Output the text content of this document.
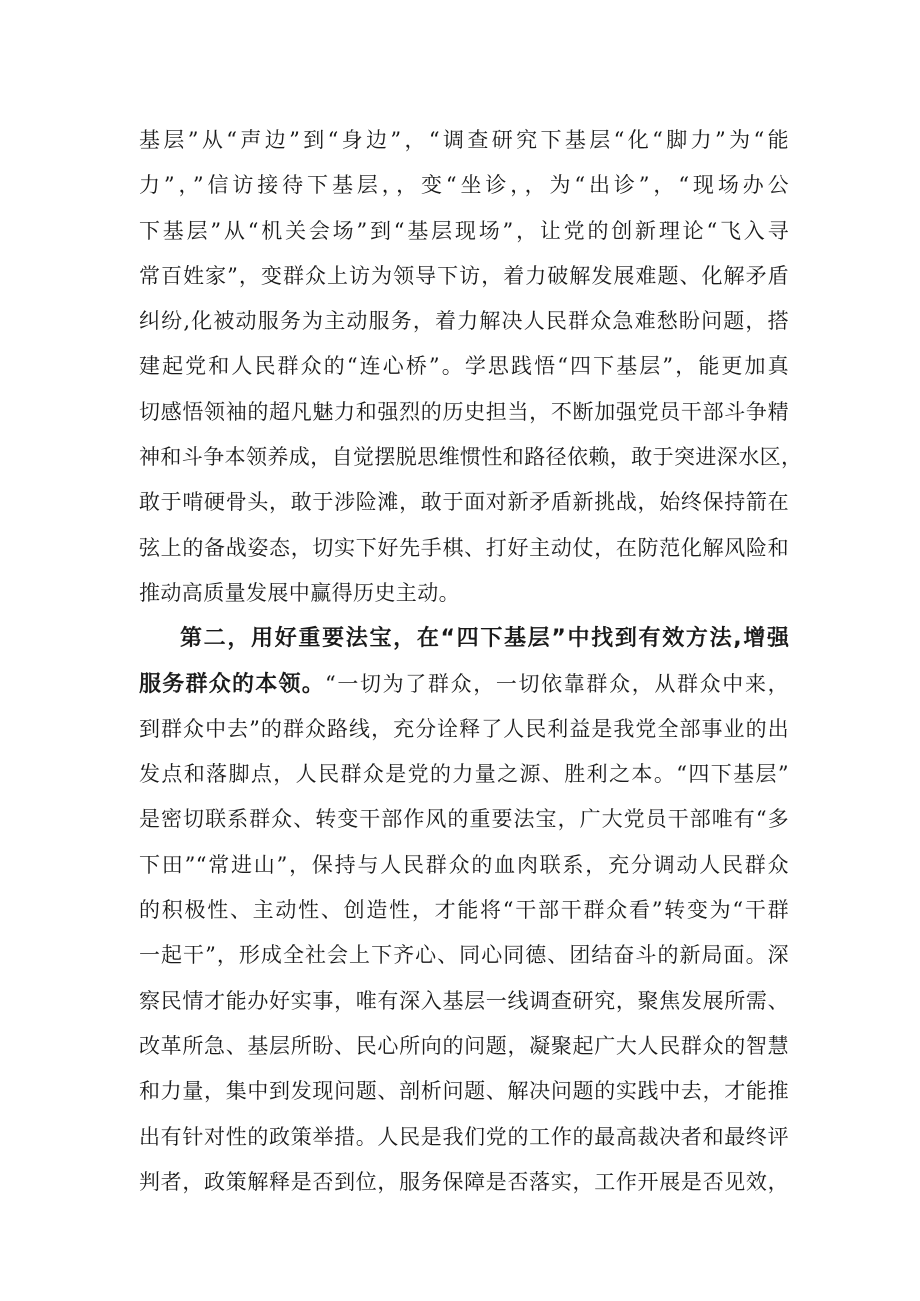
基层”从“声边”到“身边”，“调查研究下基层“化“脚力”为“能
力”，”信访接待下基层，，变“坐诊，，为“出诊”，“现场办公
下基层”从“机关会场”到“基层现场”，让党的创新理论“飞入寻
常百姓家”，变群众上访为领导下访，着力破解发展难题、化解矛盾
纠纷,化被动服务为主动服务，着力解决人民群众急难愁盼问题，搭
建起党和人民群众的“连心桥”。学思践悟“四下基层”，能更加真
切感悟领袖的超凡魅力和强烈的历史担当，不断加强党员干部斗争精
神和斗争本领养成，自觉摆脱思维惯性和路径依赖，敢于突进深水区，
敢于啃硬骨头，敢于涉险滩，敢于面对新矛盾新挑战，始终保持箭在
弦上的备战姿态，切实下好先手棋、打好主动仗，在防范化解风险和
推动高质量发展中赢得历史主动。
第二，用好重要法宝，在“四下基层”中找到有效方法,增强
服务群众的本领。“一切为了群众，一切依靠群众，从群众中来，
到群众中去”的群众路线，充分诠释了人民利益是我党全部事业的出
发点和落脚点，人民群众是党的力量之源、胜利之本。“四下基层”
是密切联系群众、转变干部作风的重要法宝，广大党员干部唯有“多
下田”“常进山”，保持与人民群众的血肉联系，充分调动人民群众
的积极性、主动性、创造性，才能将“干部干群众看”转变为“干群
一起干”，形成全社会上下齐心、同心同德、团结奋斗的新局面。深
察民情才能办好实事，唯有深入基层一线调查研究，聚焦发展所需、
改革所急、基层所盼、民心所向的问题，凝聚起广大人民群众的智慧
和力量，集中到发现问题、剖析问题、解决问题的实践中去，才能推
出有针对性的政策举措。人民是我们党的工作的最高裁决者和最终评
判者，政策解释是否到位，服务保障是否落实，工作开展是否见效，
